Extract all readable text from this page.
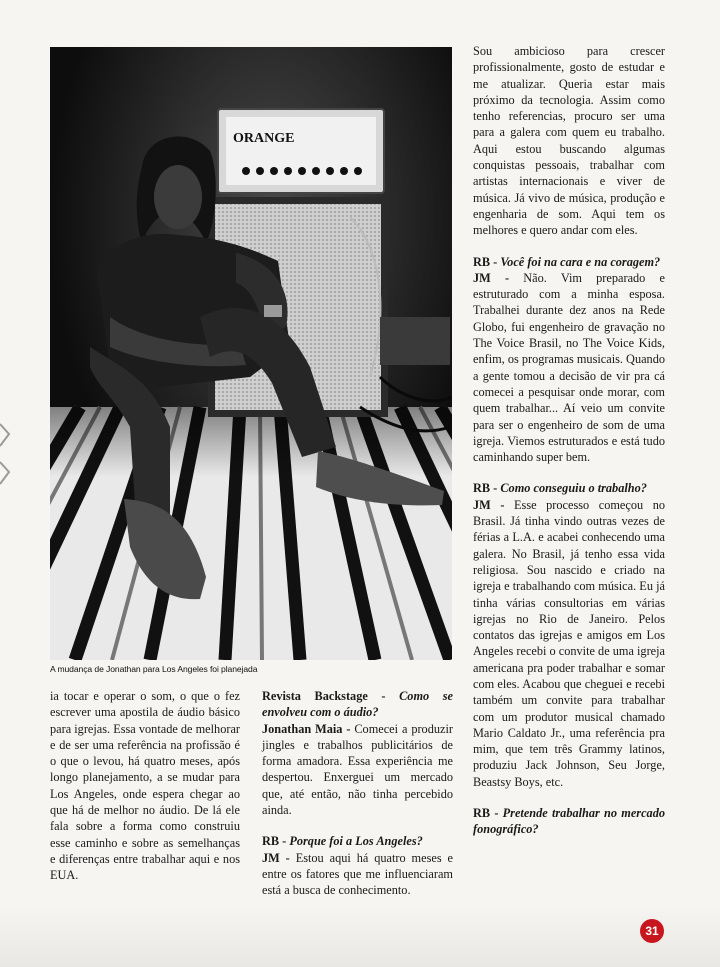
ORANGE
A mudança de Jonathan para Los Angeles foi planejada

ia tocar e operar o som, o que o fez escrever uma apostila de áudio básico para igrejas. Essa vontade de melhorar e de ser uma referência na profissão é o que o levou, há quatro meses, após longo planejamento, a se mudar para Los Angeles, onde espera chegar ao que há de melhor no áudio. De lá ele fala sobre a forma como construiu esse caminho e sobre as semelhanças e diferenças entre trabalhar aqui e nos EUA.

Revista Backstage - Como se envolveu com o áudio?

Jonathan Maia - Comecei a produzir jingles e trabalhos publicitários de forma amadora. Essa experiência me despertou. Enxerguei um mercado que, até então, não tinha percebido ainda.

RB - Porque foi a Los Angeles?

JM - Estou aqui há quatro meses e entre os fatores que me influenciaram está a busca de conhecimento.

Sou ambicioso para crescer profissionalmente, gosto de estudar e me atualizar. Queria estar mais próximo da tecnologia. Assim como tenho referencias, procuro ser uma para a galera com quem eu trabalho. Aqui estou buscando algumas conquistas pessoais, trabalhar com artistas internacionais e viver de música. Já vivo de música, produção e engenharia de som. Aqui tem os melhores e quero andar com eles.

RB - Você foi na cara e na coragem?

JM - Não. Vim preparado e estruturado com a minha esposa. Trabalhei durante dez anos na Rede Globo, fui engenheiro de gravação no The Voice Brasil, no The Voice Kids, enfim, os programas musicais. Quando a gente tomou a decisão de vir pra cá comecei a pesquisar onde morar, com quem trabalhar... Aí veio um convite para ser o engenheiro de som de uma igreja. Viemos estruturados e está tudo caminhando super bem.

RB - Como conseguiu o trabalho?

JM - Esse processo começou no Brasil. Já tinha vindo outras vezes de férias a L.A. e acabei conhecendo uma galera. No Brasil, já tenho essa vida religiosa. Sou nascido e criado na igreja e trabalhando com música. Eu já tinha várias consultorias em várias igrejas no Rio de Janeiro. Pelos contatos das igrejas e amigos em Los Angeles recebi o convite de uma igreja americana pra poder trabalhar e somar com eles. Acabou que cheguei e recebi também um convite para trabalhar com um produtor musical chamado Mario Caldato Jr., uma referência pra mim, que tem três Grammy latinos, produziu Jack Johnson, Seu Jorge, Beastsy Boys, etc.

RB - Pretende trabalhar no mercado fonográfico?

31
